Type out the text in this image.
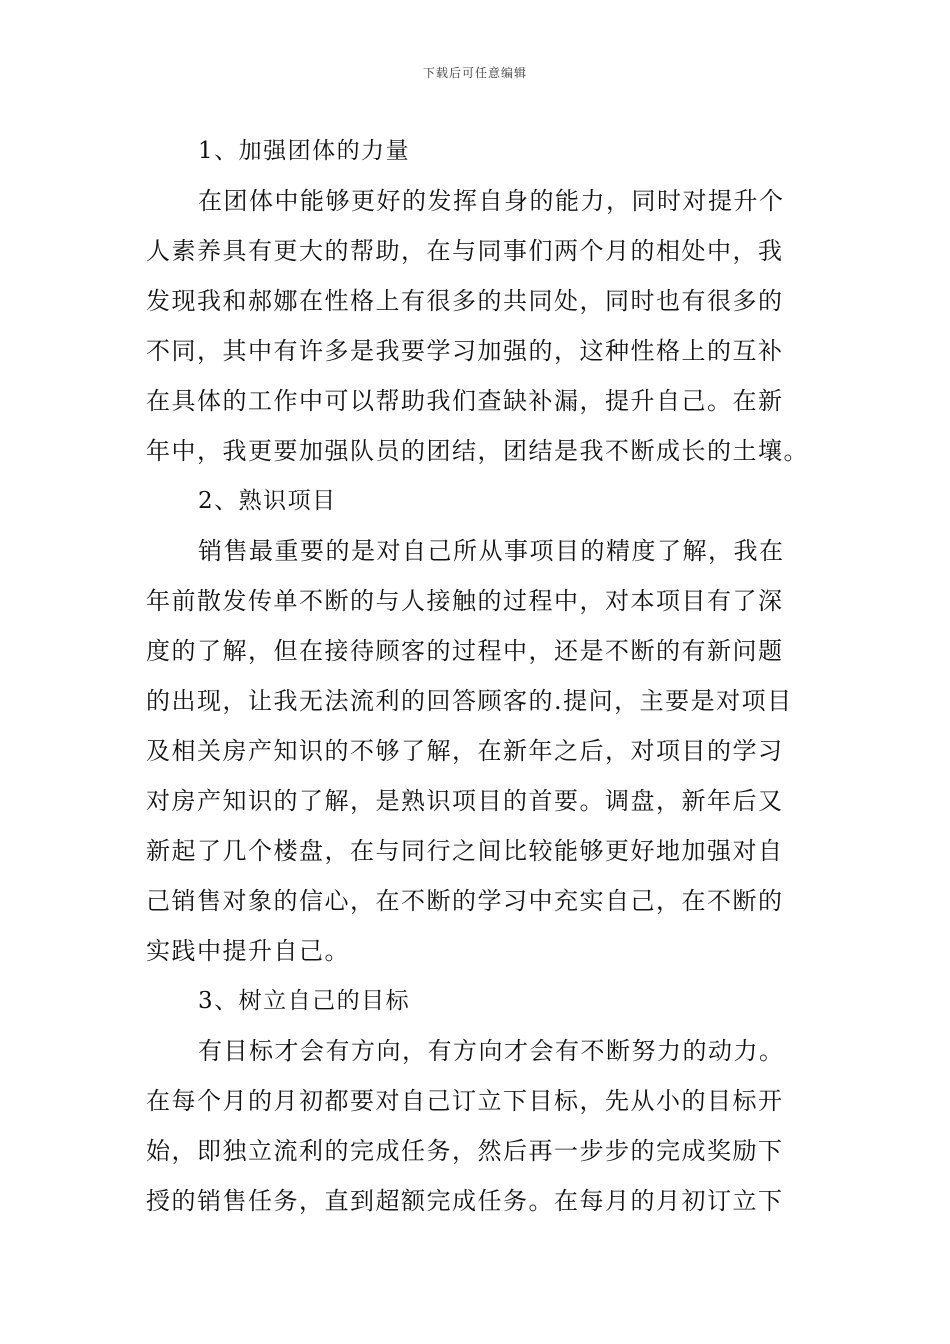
下载后可任意编辑
1、加强团体的力量
在团体中能够更好的发挥自身的能力，同时对提升个
人素养具有更大的帮助，在与同事们两个月的相处中，我
发现我和郝娜在性格上有很多的共同处，同时也有很多的
不同，其中有许多是我要学习加强的，这种性格上的互补
在具体的工作中可以帮助我们查缺补漏，提升自己。在新
年中，我更要加强队员的团结，团结是我不断成长的土壤。
2、熟识项目
销售最重要的是对自己所从事项目的精度了解，我在
年前散发传单不断的与人接触的过程中，对本项目有了深
度的了解，但在接待顾客的过程中，还是不断的有新问题
的出现，让我无法流利的回答顾客的.提问，主要是对项目
及相关房产知识的不够了解，在新年之后，对项目的学习
对房产知识的了解，是熟识项目的首要。调盘，新年后又
新起了几个楼盘，在与同行之间比较能够更好地加强对自
己销售对象的信心，在不断的学习中充实自己，在不断的
实践中提升自己。
3、树立自己的目标
有目标才会有方向，有方向才会有不断努力的动力。
在每个月的月初都要对自己订立下目标，先从小的目标开
始，即独立流利的完成任务，然后再一步步的完成奖励下
授的销售任务，直到超额完成任务。在每月的月初订立下
